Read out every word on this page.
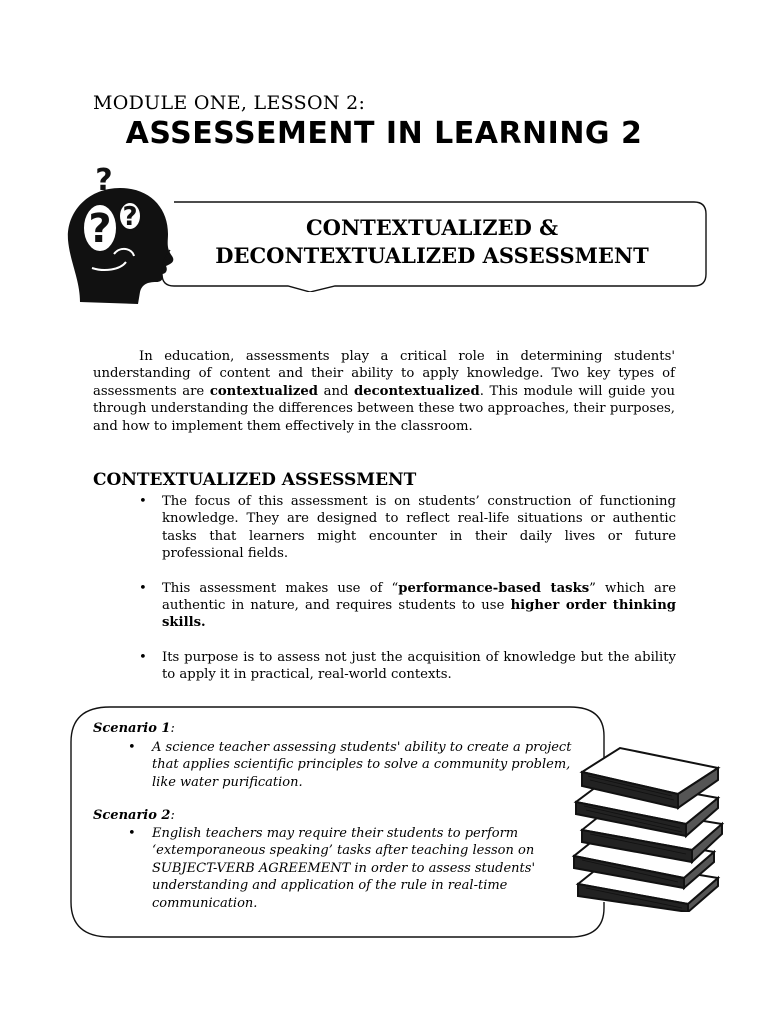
MODULE ONE, LESSON 2:
ASSESSEMENT IN LEARNING 2
? ?
?
CONTEXTUALIZED &
DECONTEXTUALIZED ASSESSMENT
In education, assessments play a critical role in determining students' understanding of content and their ability to apply knowledge. Two key types of assessments are contextualized and decontextualized. This module will guide you through understanding the differences between these two approaches, their purposes, and how to implement them effectively in the classroom.
CONTEXTUALIZED ASSESSMENT
• The focus of this assessment is on students’ construction of functioning knowledge. They are designed to reflect real-life situations or authentic tasks that learners might encounter in their daily lives or future professional fields.
• This assessment makes use of “performance-based tasks” which are authentic in nature, and requires students to use higher order thinking skills.
• Its purpose is to assess not just the acquisition of knowledge but the ability to apply it in practical, real-world contexts.
Scenario 1:
• A science teacher assessing students' ability to create a project that applies scientific principles to solve a community problem, like water purification.
Scenario 2:
• English teachers may require their students to perform ‘extemporaneous speaking’ tasks after teaching lesson on SUBJECT-VERB AGREEMENT in order to assess students' understanding and application of the rule in real-time communication.
